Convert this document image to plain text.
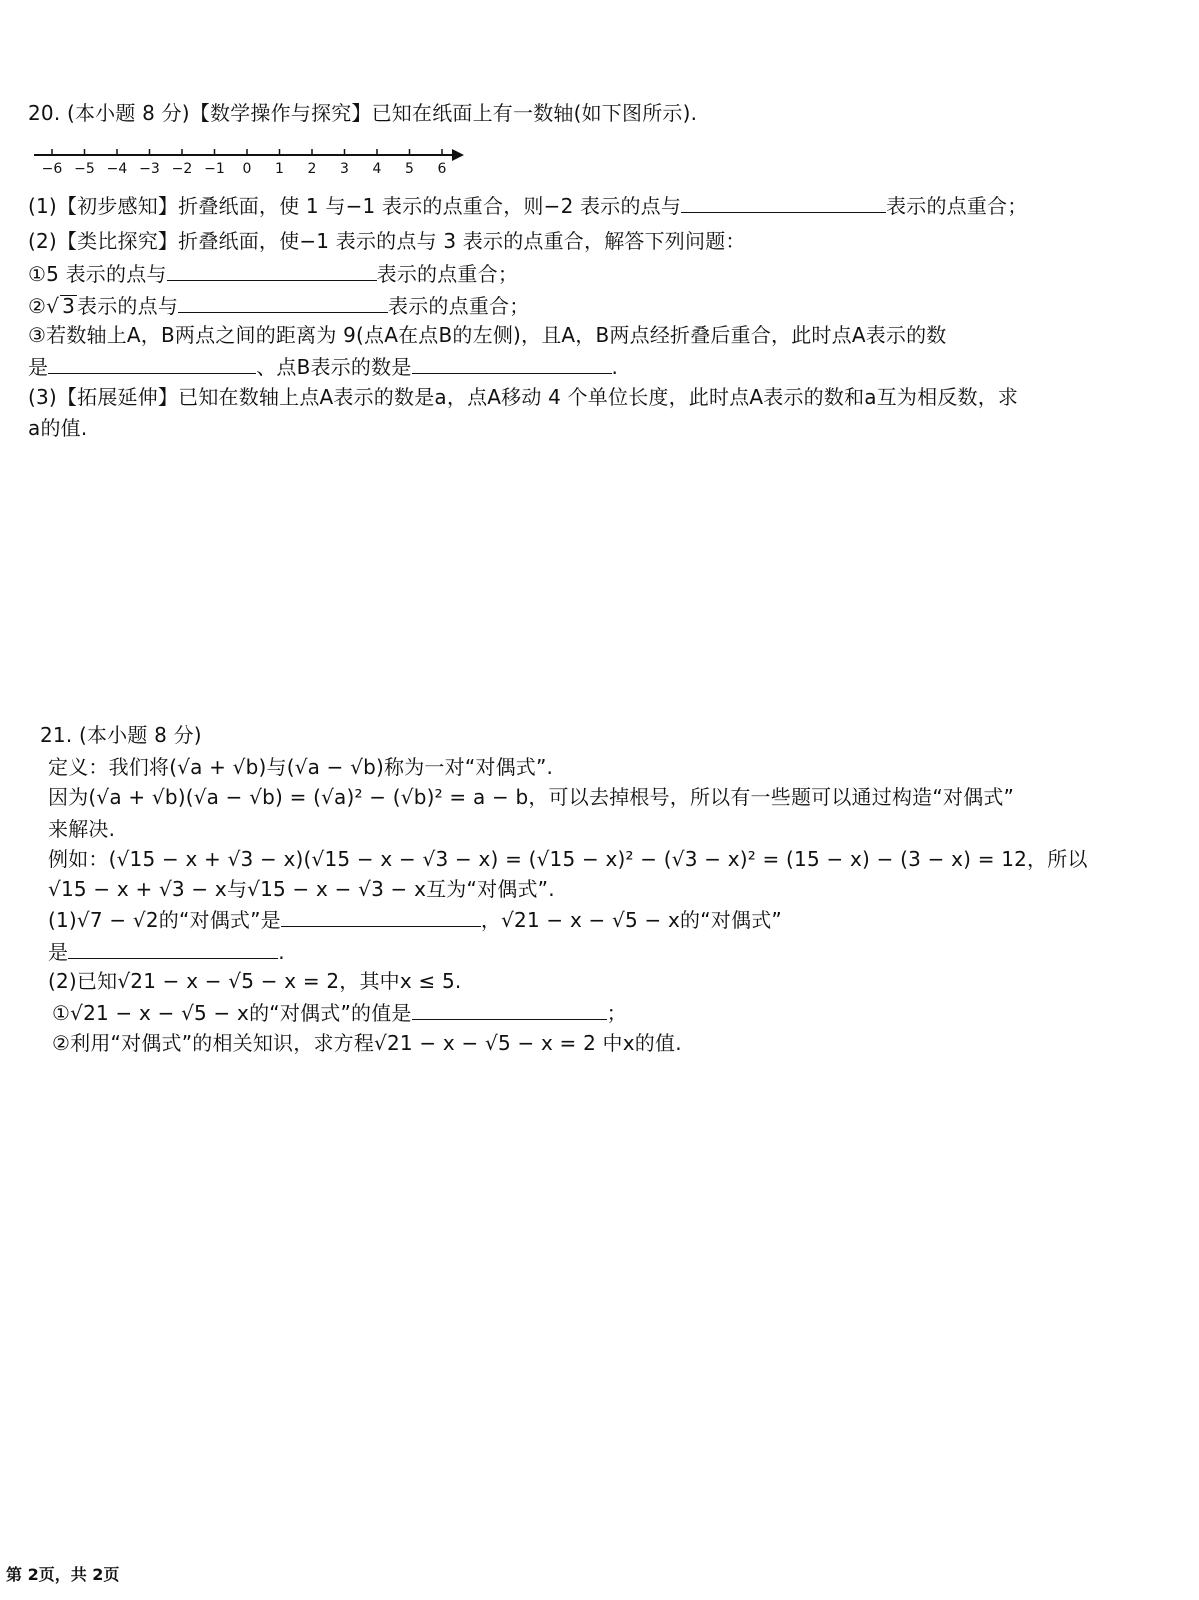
20. (本小题 8 分)【数学操作与探究】已知在纸面上有一数轴(如下图所示).
−6 −5 −4 −3 −2 −1 0 1 2 3 4 5 6
(1)【初步感知】折叠纸面，使 1 与−1 表示的点重合，则−2 表示的点与	表示的点重合；
(2)【类比探究】折叠纸面，使−1 表示的点与 3 表示的点重合，解答下列问题：
①5 表示的点与	表示的点重合；
②√ 3 表示的点与	表示的点重合；
③若数轴上A，B两点之间的距离为 9(点A在点B的左侧)，且A，B两点经折叠后重合，此时点A表示的数
是	、点B表示的数是	.
(3)【拓展延伸】已知在数轴上点A表示的数是a，点A移动 4 个单位长度，此时点A表示的数和a互为相反数，求
a的值.
21. (本小题 8 分)
定义：我们将(√a + √b)与(√a − √b)称为一对“对偶式”.
因为(√a + √b)(√a − √b) = (√a)² − (√b)² = a − b，可以去掉根号，所以有一些题可以通过构造“对偶式”
来解决.
例如：(√15 − x + √3 − x)(√15 − x − √3 − x) = (√15 − x)² − (√3 − x)² = (15 − x) − (3 − x) = 12，所以
√15 − x + √3 − x与√15 − x − √3 − x互为“对偶式”.
(1)√7 − √2的“对偶式”是	，√21 − x − √5 − x的“对偶式”
是	.
(2)已知√21 − x − √5 − x = 2，其中x ≤ 5.
①√21 − x − √5 − x的“对偶式”的值是	；
②利用“对偶式”的相关知识，求方程√21 − x − √5 − x = 2 中x的值.
第 2页，共 2页
